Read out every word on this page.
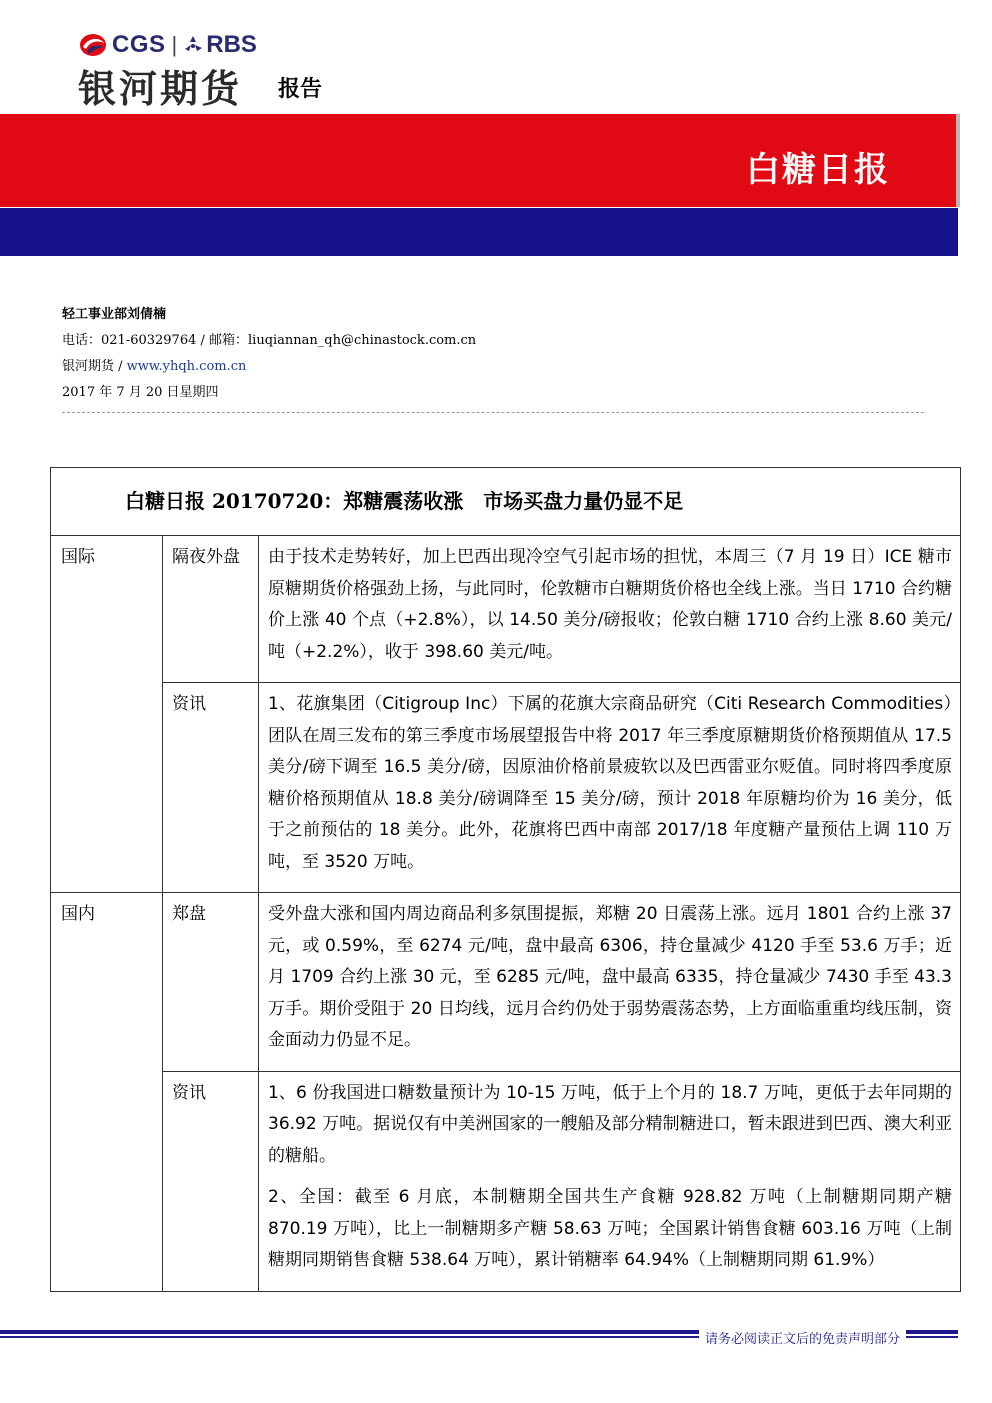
CGS | RBS
银河期货 报告
白糖日报
轻工事业部刘倩楠
电话：021-60329764 / 邮箱：liuqiannan_qh@chinastock.com.cn
银河期货 / www.yhqh.com.cn
2017 年 7 月 20 日星期四
白糖日报 20170720：郑糖震荡收涨　市场买盘力量仍显不足		
国际	隔夜外盘	由于技术走势转好，加上巴西出现冷空气引起市场的担忧，本周三（7 月 19 日）ICE 糖市原糖期货价格强劲上扬，与此同时，伦敦糖市白糖期货价格也全线上涨。当日 1710 合约糖价上涨 40 个点（+2.8%），以 14.50 美分/磅报收；伦敦白糖 1710 合约上涨 8.60 美元/吨（+2.2%），收于 398.60 美元/吨。

	资讯	1、花旗集团（Citigroup Inc）下属的花旗大宗商品研究（Citi Research Commodities）团队在周三发布的第三季度市场展望报告中将 2017 年三季度原糖期货价格预期值从 17.5 美分/磅下调至 16.5 美分/磅，因原油价格前景疲软以及巴西雷亚尔贬值。同时将四季度原糖价格预期值从 18.8 美分/磅调降至 15 美分/磅，预计 2018 年原糖均价为 16 美分，低于之前预估的 18 美分。此外，花旗将巴西中南部 2017/18 年度糖产量预估上调 110 万吨，至 3520 万吨。

国内	郑盘	受外盘大涨和国内周边商品利多氛围提振，郑糖 20 日震荡上涨。远月 1801 合约上涨 37 元，或 0.59%，至 6274 元/吨，盘中最高 6306，持仓量减少 4120 手至 53.6 万手；近月 1709 合约上涨 30 元，至 6285 元/吨，盘中最高 6335，持仓量减少 7430 手至 43.3 万手。期价受阻于 20 日均线，远月合约仍处于弱势震荡态势，上方面临重重均线压制，资金面动力仍显不足。

	资讯	1、6 份我国进口糖数量预计为 10-15 万吨，低于上个月的 18.7 万吨，更低于去年同期的 36.92 万吨。据说仅有中美洲国家的一艘船及部分精制糖进口，暂未跟进到巴西、澳大利亚的糖船。
2、全国：截至 6 月底，本制糖期全国共生产食糖 928.82 万吨（上制糖期同期产糖 870.19 万吨），比上一制糖期多产糖 58.63 万吨；全国累计销售食糖 603.16 万吨（上制糖期同期销售食糖 538.64 万吨），累计销糖率 64.94%（上制糖期同期 61.9%）
请务必阅读正文后的免责声明部分
